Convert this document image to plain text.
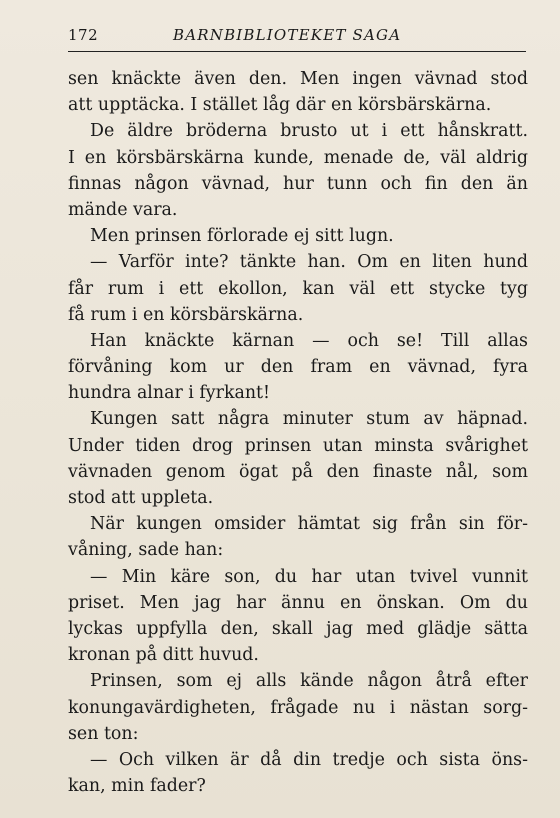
172	BARNBIBLIOTEKET SAGA
sen knäckte även den. Men ingen vävnad stod
att upptäcka. I stället låg där en körsbärskärna.
De äldre bröderna brusto ut i ett hånskratt.
I en körsbärskärna kunde, menade de, väl aldrig
finnas någon vävnad, hur tunn och fin den än
mände vara.
Men prinsen förlorade ej sitt lugn.
— Varför inte? tänkte han. Om en liten hund
får rum i ett ekollon, kan väl ett stycke tyg
få rum i en körsbärskärna.
Han knäckte kärnan — och se! Till allas
förvåning kom ur den fram en vävnad, fyra
hundra alnar i fyrkant!
Kungen satt några minuter stum av häpnad.
Under tiden drog prinsen utan minsta svårighet
vävnaden genom ögat på den finaste nål, som
stod att uppleta.
När kungen omsider hämtat sig från sin för-
våning, sade han:
— Min käre son, du har utan tvivel vunnit
priset. Men jag har ännu en önskan. Om du
lyckas uppfylla den, skall jag med glädje sätta
kronan på ditt huvud.
Prinsen, som ej alls kände någon åtrå efter
konungavärdigheten, frågade nu i nästan sorg-
sen ton:
— Och vilken är då din tredje och sista öns-
kan, min fader?
